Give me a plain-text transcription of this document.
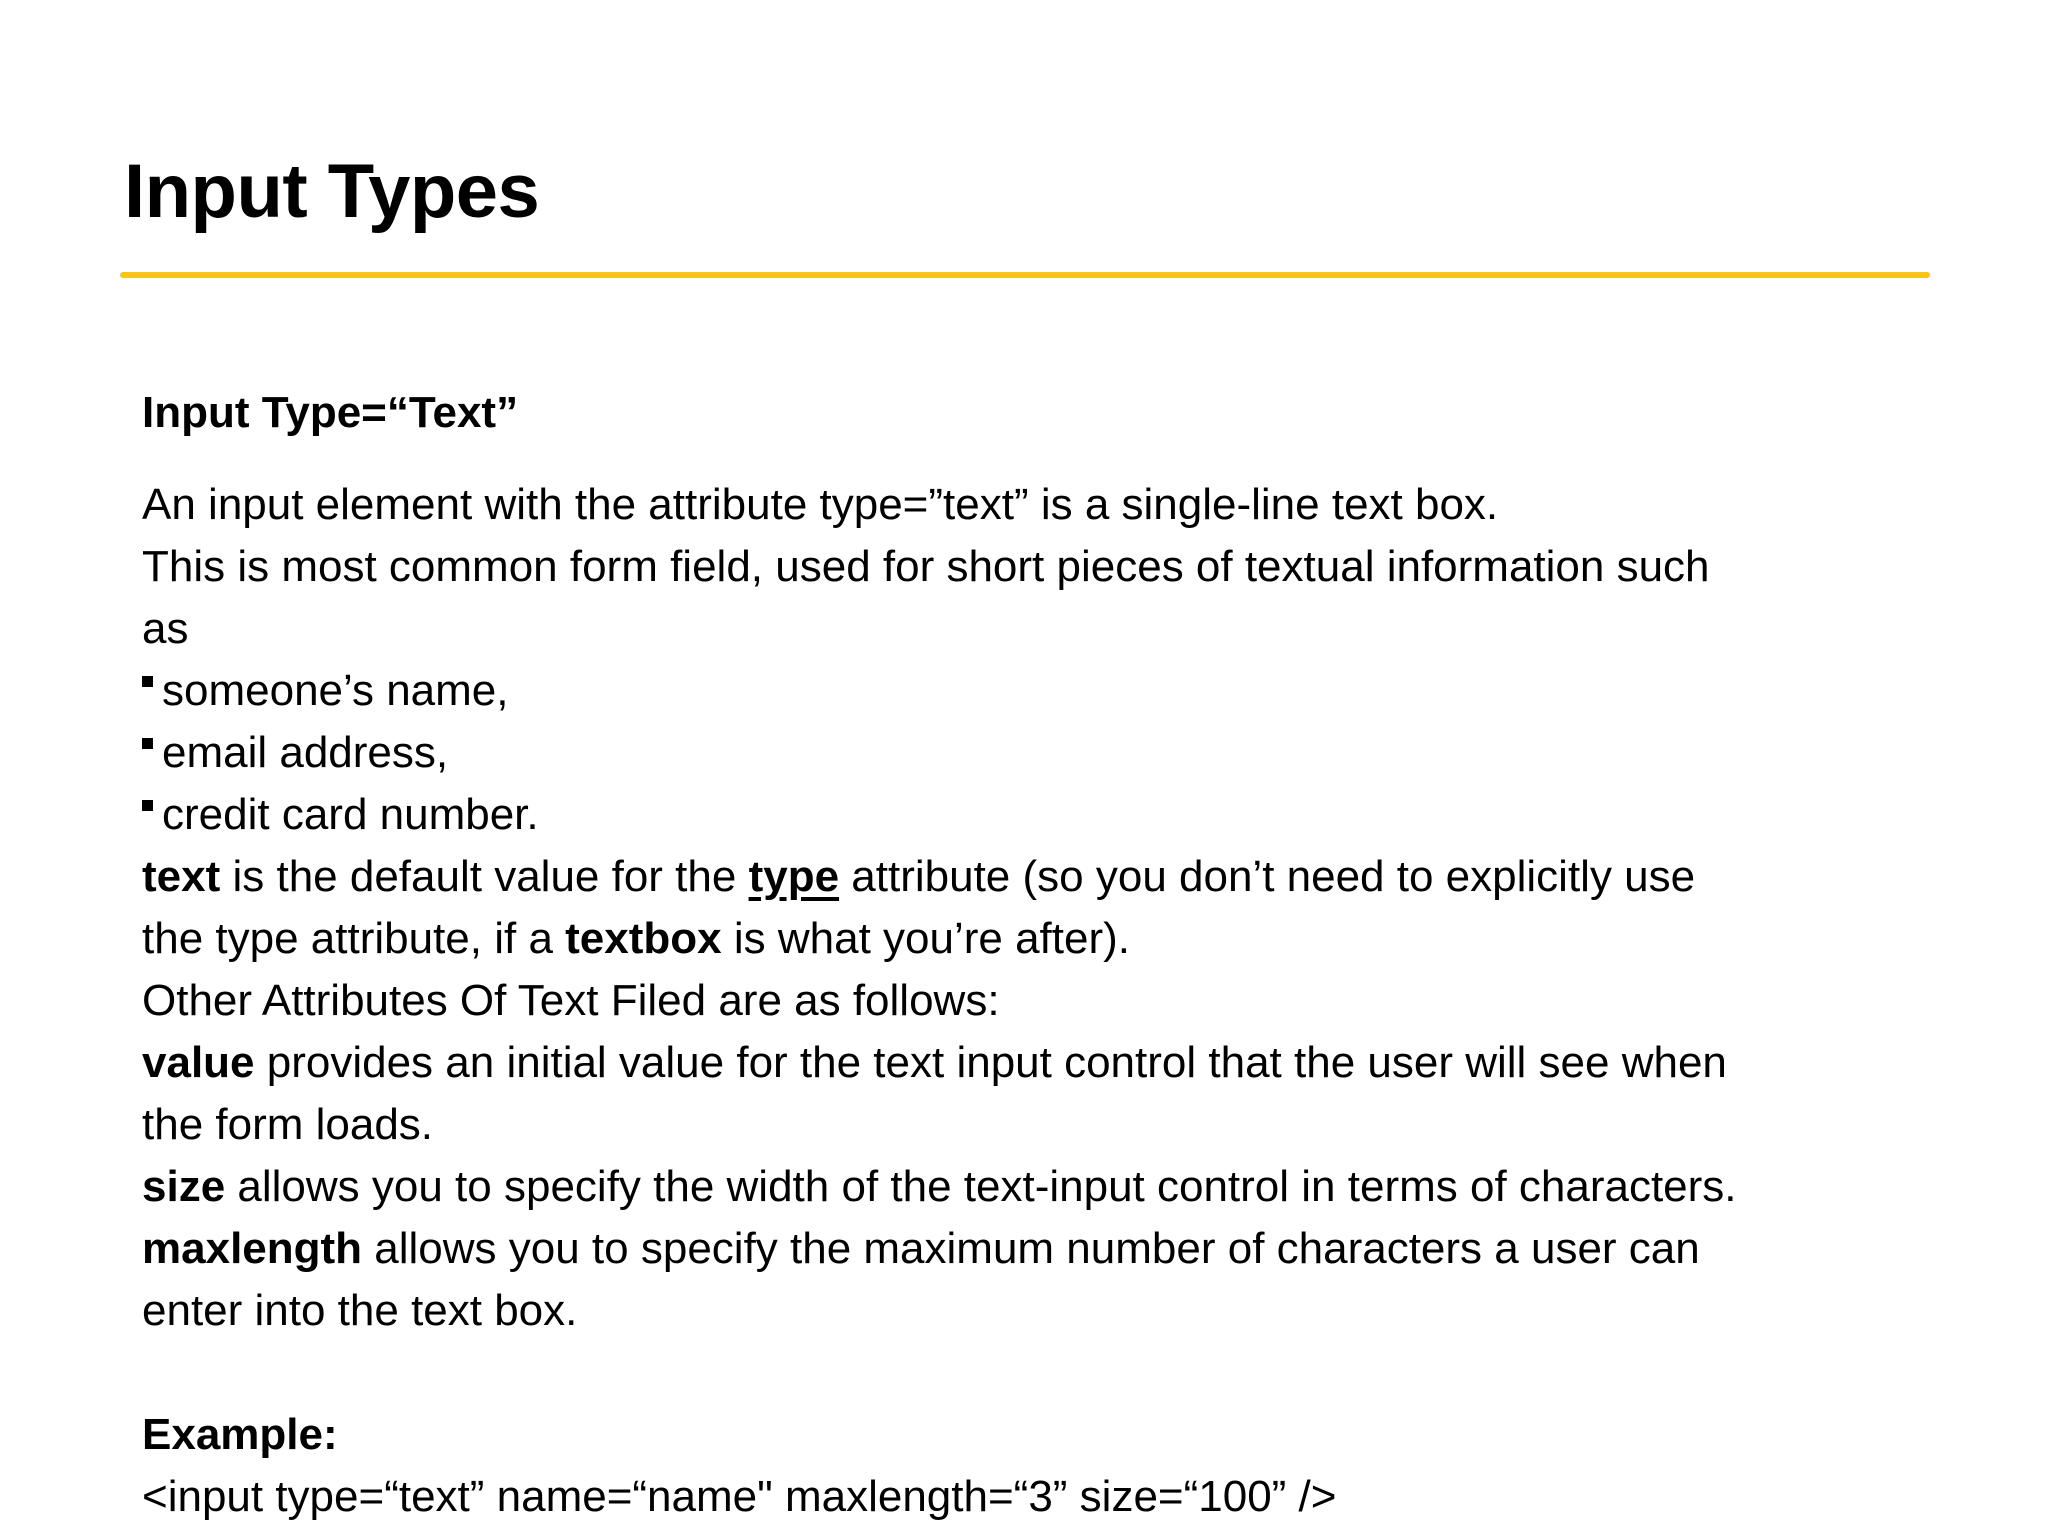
Input Types

Input Type=“Text”

An input element with the attribute type=”text” is a single-line text box.

This is most common form field, used for short pieces of textual information such

as

someone’s name,
email address,
credit card number.

text is the default value for the type attribute (so you don’t need to explicitly use

the type attribute, if a textbox is what you’re after).

Other Attributes Of Text Filed are as follows:

value provides an initial value for the text input control that the user will see when

the form loads.

size allows you to specify the width of the text-input control in terms of characters.

maxlength allows you to specify the maximum number of characters a user can

enter into the text box.

Example:

<input type=“text” name=“name" maxlength=“3” size=“100” />
